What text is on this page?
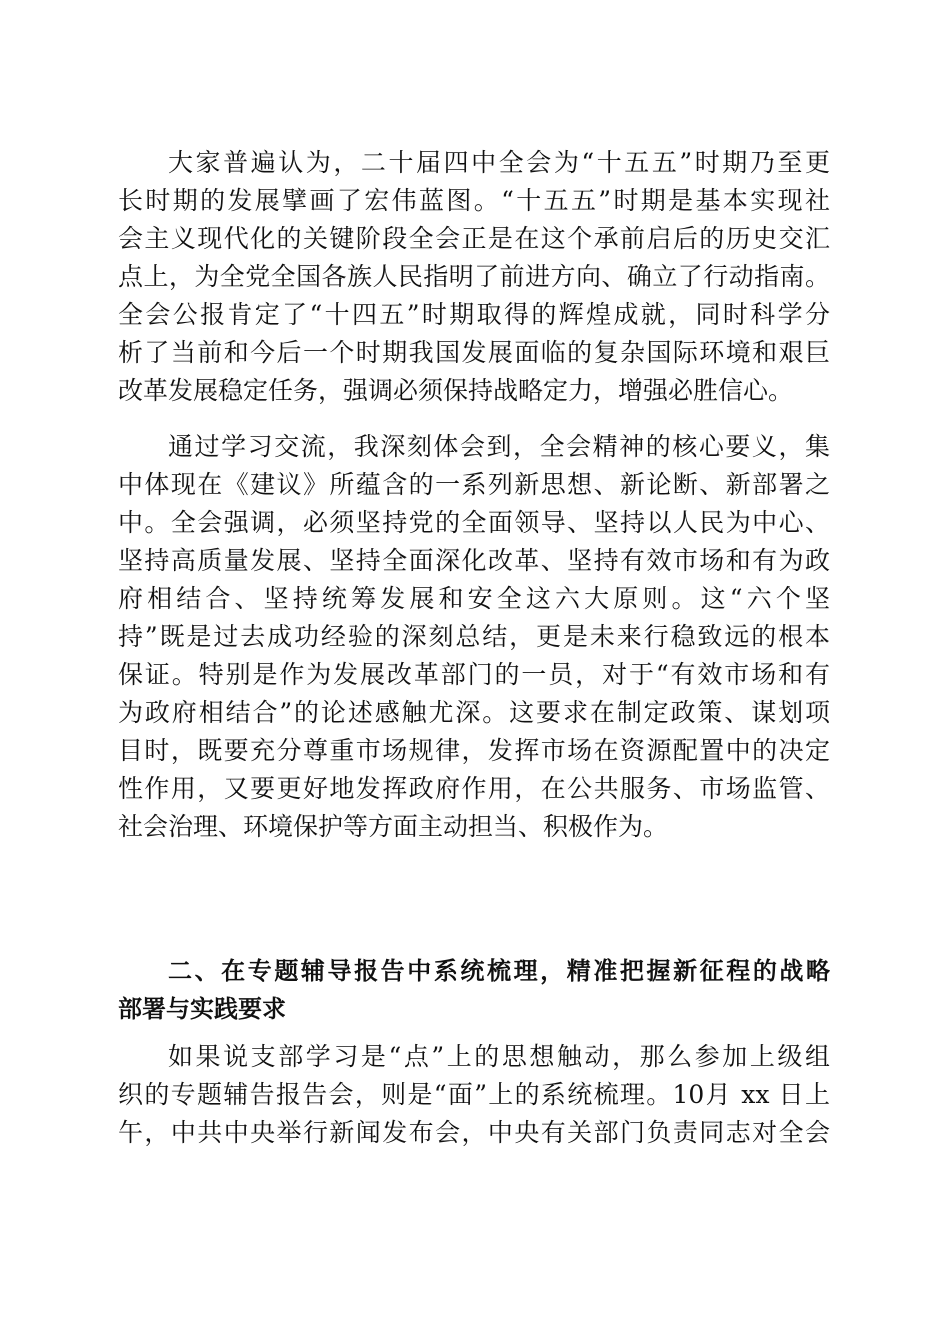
大家普遍认为，二十届四中全会为“十五五”时期乃至更
长时期的发展擘画了宏伟蓝图。“十五五”时期是基本实现社
会主义现代化的关键阶段全会正是在这个承前启后的历史交汇
点上，为全党全国各族人民指明了前进方向、确立了行动指南。
全会公报肯定了“十四五”时期取得的辉煌成就，同时科学分
析了当前和今后一个时期我国发展面临的复杂国际环境和艰巨
改革发展稳定任务，强调必须保持战略定力，增强必胜信心。
通过学习交流，我深刻体会到，全会精神的核心要义，集
中体现在《建议》所蕴含的一系列新思想、新论断、新部署之
中。全会强调，必须坚持党的全面领导、坚持以人民为中心、
坚持高质量发展、坚持全面深化改革、坚持有效市场和有为政
府相结合、坚持统筹发展和安全这六大原则。这“六个坚
持”既是过去成功经验的深刻总结，更是未来行稳致远的根本
保证。特别是作为发展改革部门的一员，对于“有效市场和有
为政府相结合”的论述感触尤深。这要求在制定政策、谋划项
目时，既要充分尊重市场规律，发挥市场在资源配置中的决定
性作用，又要更好地发挥政府作用，在公共服务、市场监管、
社会治理、环境保护等方面主动担当、积极作为。
二、在专题辅导报告中系统梳理，精准把握新征程的战略
部署与实践要求
如果说支部学习是“点”上的思想触动，那么参加上级组
织的专题辅告报告会，则是“面”上的系统梳理。10月 xx 日上
午，中共中央举行新闻发布会，中央有关部门负责同志对全会
